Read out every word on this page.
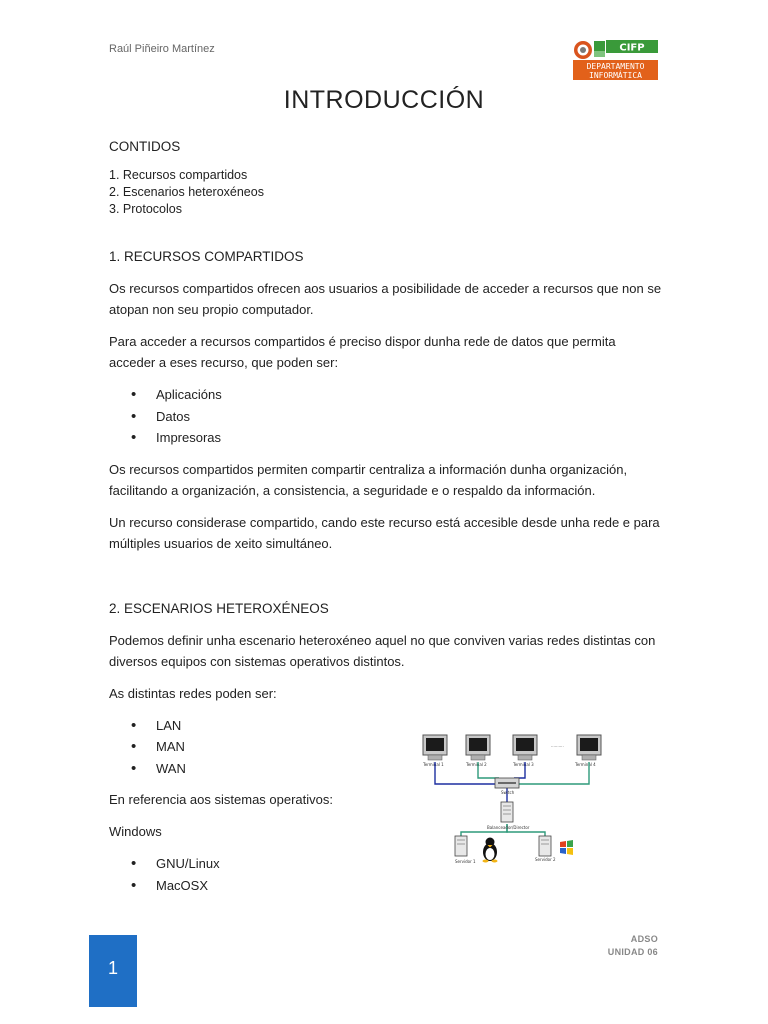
Raúl Piñeiro Martínez	CIFP
DEPARTAMENTO
INFORMÁTICA
INTRODUCCIÓN
CONTIDOS
1. Recursos compartidos
2. Escenarios heteroxéneos
3. Protocolos
1. RECURSOS COMPARTIDOS

Os recursos compartidos ofrecen aos usuarios a posibilidade de acceder a recursos que non se atopan non seu propio computador.

Para acceder a recursos compartidos é preciso dispor dunha rede de datos que permita acceder a eses recurso, que poden ser:

• Aplicacións
• Datos
• Impresoras

Os recursos compartidos permiten compartir centraliza a información dunha organización, facilitando a organización, a consistencia, a seguridade e o respaldo da información.

Un recurso considerase compartido, cando este recurso está accesible desde unha rede e para múltiples usuarios de xeito simultáneo.

2. ESCENARIOS HETEROXÉNEOS

Podemos definir unha escenario heteroxéneo aquel no que conviven varias redes distintas con diversos equipos con sistemas operativos distintos.

As distintas redes poden ser:

• LAN
• MAN
• WAN

En referencia aos sistemas operativos:

Windows

• GNU/Linux
• MacOSX
Terminal 1	Terminal 2	Terminal 3	Terminal 4
..........
Switch
Balanceador/Director
Servidor 1	Servidor 2
1
ADSO
UNIDAD 06
